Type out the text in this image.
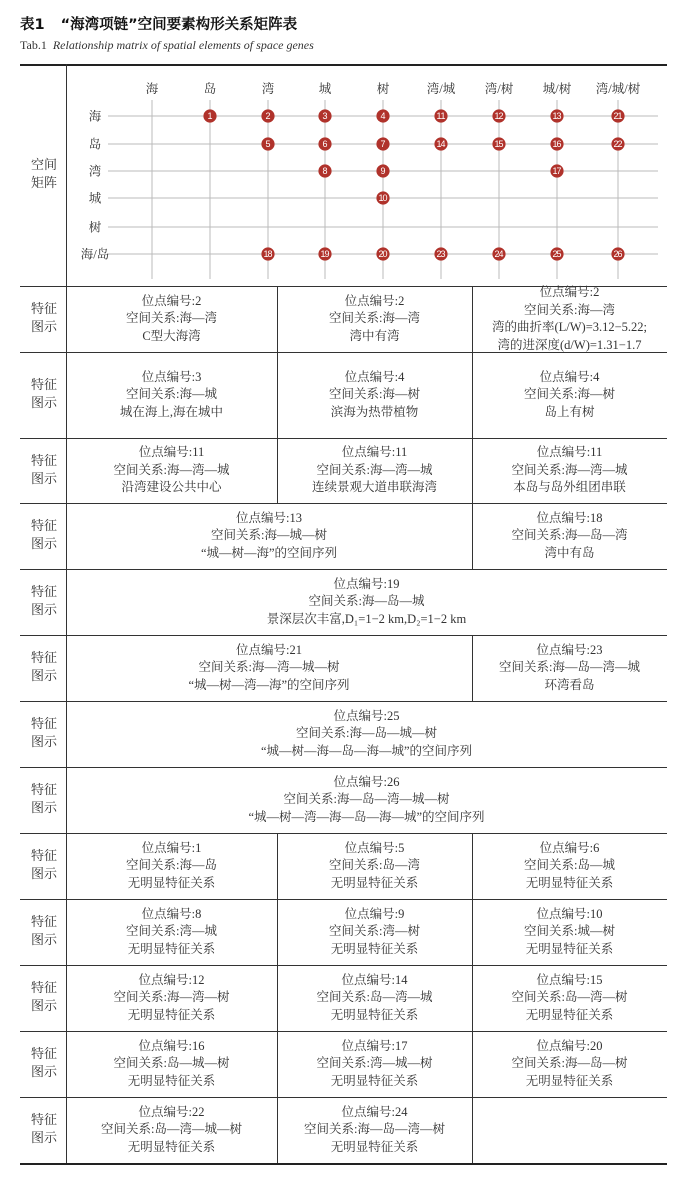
表1 “海湾项链”空间要素构形关系矩阵表
Tab.1 Relationship matrix of spatial elements of space genes
海	岛	湾	城	树	湾/城 湾/树 城/树 湾/城/树
海
岛
湾
城
树
海/岛
1	2	3	4	11	12	13	21
5	6	7	14	15	16	22
8	9	17
10
18	19	20	23	24	25	26
空间矩阵
特征图示
位点编号:2
空间关系:海—湾
C型大海湾
位点编号:2
空间关系:海—湾
湾中有湾
位点编号:2
空间关系:海—湾
湾的曲折率(L/W)=3.12−5.22;
湾的进深度(d/W)=1.31−1.7
特征图示
位点编号:3
空间关系:海—城
城在海上,海在城中
位点编号:4
空间关系:海—树
滨海为热带植物
位点编号:4
空间关系:海—树
岛上有树
特征图示
位点编号:11
空间关系:海—湾—城
沿湾建设公共中心
位点编号:11
空间关系:海—湾—城
连续景观大道串联海湾
位点编号:11
空间关系:海—湾—城
本岛与岛外组团串联
特征图示
位点编号:13
空间关系:海—城—树
“城—树—海”的空间序列
位点编号:18
空间关系:海—岛—湾
湾中有岛
特征图示
位点编号:19
空间关系:海—岛—城
景深层次丰富,D₁=1−2 km,D₂=1−2 km
特征图示
位点编号:21
空间关系:海—湾—城—树
“城—树—湾—海”的空间序列
位点编号:23
空间关系:海—岛—湾—城
环湾看岛
特征图示
位点编号:25
空间关系:海—岛—城—树
“城—树—海—岛—海—城”的空间序列
特征图示
位点编号:26
空间关系:海—岛—湾—城—树
“城—树—湾—海—岛—海—城”的空间序列
特征图示
位点编号:1
空间关系:海—岛
无明显特征关系
位点编号:5
空间关系:岛—湾
无明显特征关系
位点编号:6
空间关系:岛—城
无明显特征关系
特征图示
位点编号:8
空间关系:湾—城
无明显特征关系
位点编号:9
空间关系:湾—树
无明显特征关系
位点编号:10
空间关系:城—树
无明显特征关系
特征图示
位点编号:12
空间关系:海—湾—树
无明显特征关系
位点编号:14
空间关系:岛—湾—城
无明显特征关系
位点编号:15
空间关系:岛—湾—树
无明显特征关系
特征图示
位点编号:16
空间关系:岛—城—树
无明显特征关系
位点编号:17
空间关系:湾—城—树
无明显特征关系
位点编号:20
空间关系:海—岛—树
无明显特征关系
特征图示
位点编号:22
空间关系:岛—湾—城—树
无明显特征关系
位点编号:24
空间关系:海—岛—湾—树
无明显特征关系
